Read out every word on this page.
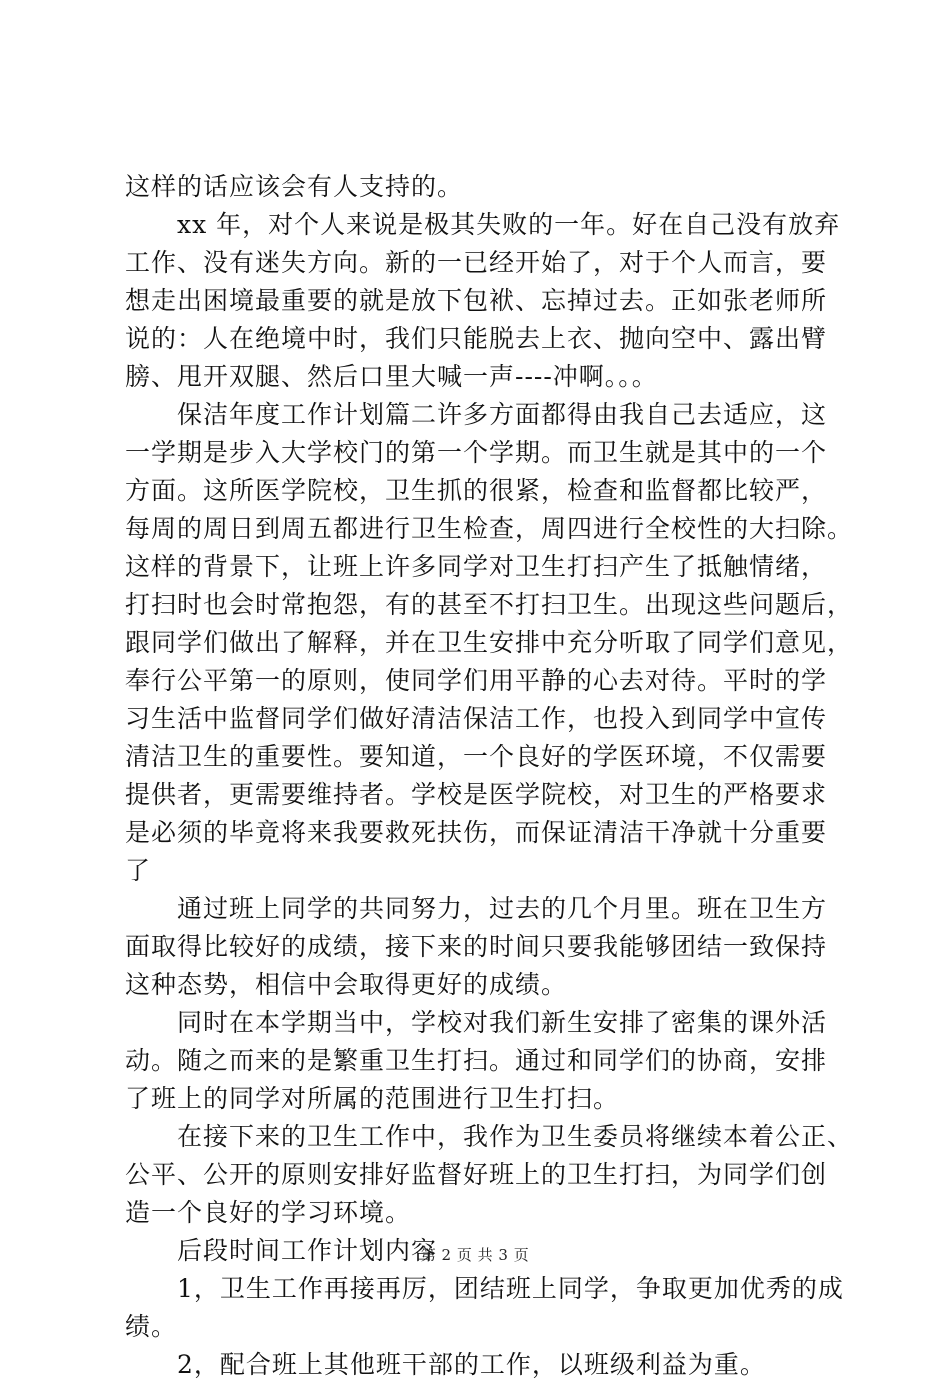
这样的话应该会有人支持的。
xx 年，对个人来说是极其失败的一年。好在自己没有放弃
工作、没有迷失方向。新的一已经开始了，对于个人而言，要
想走出困境最重要的就是放下包袱、忘掉过去。正如张老师所
说的：人在绝境中时，我们只能脱去上衣、抛向空中、露出臂
膀、甩开双腿、然后口里大喊一声----冲啊。。。
保洁年度工作计划篇二许多方面都得由我自己去适应，这
一学期是步入大学校门的第一个学期。而卫生就是其中的一个
方面。这所医学院校，卫生抓的很紧，检查和监督都比较严，
每周的周日到周五都进行卫生检查，周四进行全校性的大扫除。
这样的背景下，让班上许多同学对卫生打扫产生了抵触情绪，
打扫时也会时常抱怨，有的甚至不打扫卫生。出现这些问题后，
跟同学们做出了解释，并在卫生安排中充分听取了同学们意见，
奉行公平第一的原则，使同学们用平静的心去对待。平时的学
习生活中监督同学们做好清洁保洁工作，也投入到同学中宣传
清洁卫生的重要性。要知道，一个良好的学医环境，不仅需要
提供者，更需要维持者。学校是医学院校，对卫生的严格要求
是必须的毕竟将来我要救死扶伤，而保证清洁干净就十分重要
了
通过班上同学的共同努力，过去的几个月里。班在卫生方
面取得比较好的成绩，接下来的时间只要我能够团结一致保持
这种态势，相信中会取得更好的成绩。
同时在本学期当中，学校对我们新生安排了密集的课外活
动。随之而来的是繁重卫生打扫。通过和同学们的协商，安排
了班上的同学对所属的范围进行卫生打扫。
在接下来的卫生工作中，我作为卫生委员将继续本着公正、
公平、公开的原则安排好监督好班上的卫生打扫，为同学们创
造一个良好的学习环境。
后段时间工作计划内容
1，卫生工作再接再厉，团结班上同学，争取更加优秀的成
绩。
2，配合班上其他班干部的工作，以班级利益为重。
第 2 页 共 3 页
